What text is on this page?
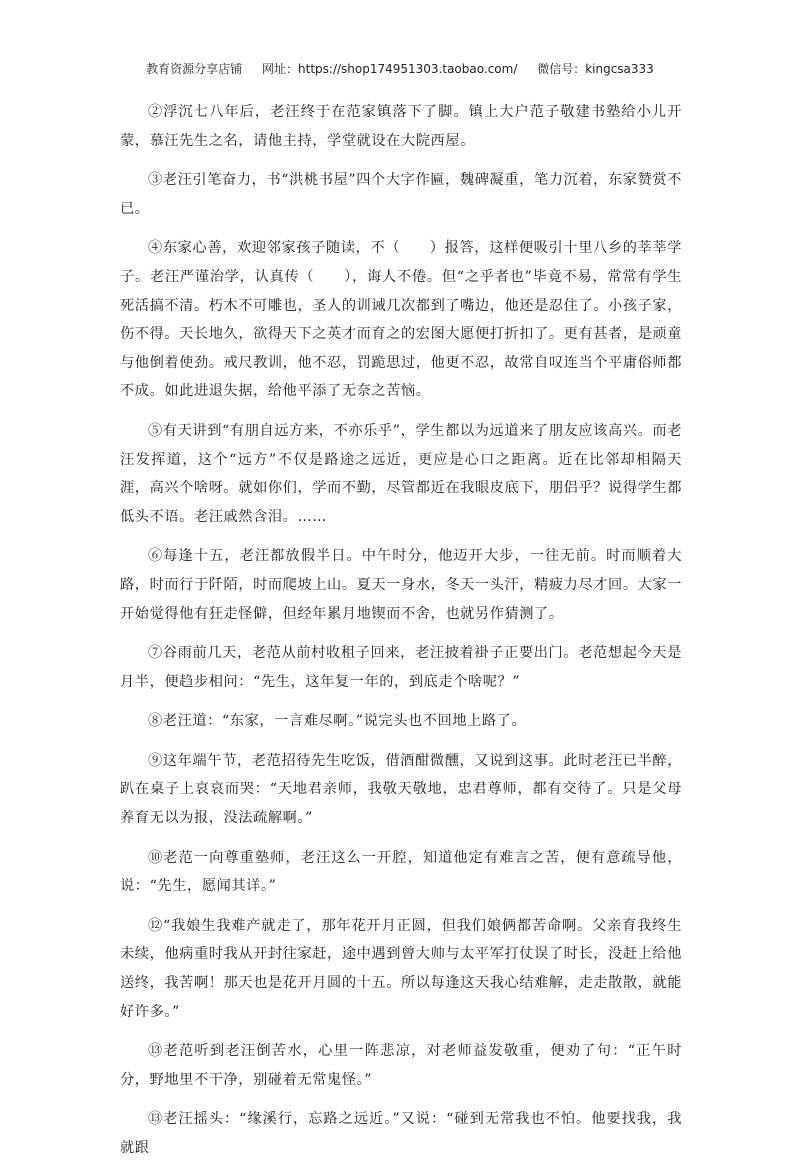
教育资源分享店铺 网址：https://shop174951303.taobao.com/ 微信号：kingcsa333

②浮沉七八年后，老汪终于在范家镇落下了脚。镇上大户范子敬建书塾给小儿开蒙，慕汪先生之名，请他主持，学堂就设在大院西屋。

③老汪引笔奋力，书“洪桃书屋”四个大字作匾，魏碑凝重，笔力沉着，东家赞赏不已。

④东家心善，欢迎邻家孩子随读，不（　　）报答，这样便吸引十里八乡的莘莘学子。老汪严谨治学，认真传（　　），诲人不倦。但“之乎者也”毕竟不易，常常有学生死活搞不清。朽木不可雕也，圣人的训诫几次都到了嘴边，他还是忍住了。小孩子家，伤不得。天长地久，欲得天下之英才而育之的宏图大愿便打折扣了。更有甚者，是顽童与他倒着使劲。戒尺教训，他不忍，罚跪思过，他更不忍，故常自叹连当个平庸俗师都不成。如此进退失据，给他平添了无奈之苦恼。

⑤有天讲到“有朋自远方来，不亦乐乎”，学生都以为远道来了朋友应该高兴。而老汪发挥道，这个“远方”不仅是路途之远近，更应是心口之距离。近在比邻却相隔天涯，高兴个啥呀。就如你们，学而不勤，尽管都近在我眼皮底下，朋侣乎？说得学生都低头不语。老汪戚然含泪。……

⑥每逢十五，老汪都放假半日。中午时分，他迈开大步，一往无前。时而顺着大路，时而行于阡陌，时而爬坡上山。夏天一身水，冬天一头汗，精疲力尽才回。大家一开始觉得他有狂走怪僻，但经年累月地锲而不舍，也就另作猜测了。

⑦谷雨前几天，老范从前村收租子回来，老汪披着褂子正要出门。老范想起今天是月半，便趋步相问：“先生，这年复一年的，到底走个啥呢？”

⑧老汪道：“东家，一言难尽啊。”说完头也不回地上路了。

⑨这年端午节，老范招待先生吃饭，借酒酣微醺，又说到这事。此时老汪已半醉，趴在桌子上哀哀而哭：“天地君亲师，我敬天敬地，忠君尊师，都有交待了。只是父母养育无以为报，没法疏解啊。”

⑩老范一向尊重塾师，老汪这么一开腔，知道他定有难言之苦，便有意疏导他，说：“先生，愿闻其详。”

⑫“我娘生我难产就走了，那年花开月正圆，但我们娘俩都苦命啊。父亲育我终生未续，他病重时我从开封往家赶，途中遇到曾大帅与太平军打仗误了时长，没赶上给他送终，我苦啊！那天也是花开月圆的十五。所以每逢这天我心结难解，走走散散，就能好许多。”

⑬老范听到老汪倒苦水，心里一阵悲凉，对老师益发敬重，便劝了句：“正午时分，野地里不干净，别碰着无常鬼怪。”

⑬老汪摇头：“缘溪行，忘路之远近。”又说：“碰到无常我也不怕。他要找我，我就跟
